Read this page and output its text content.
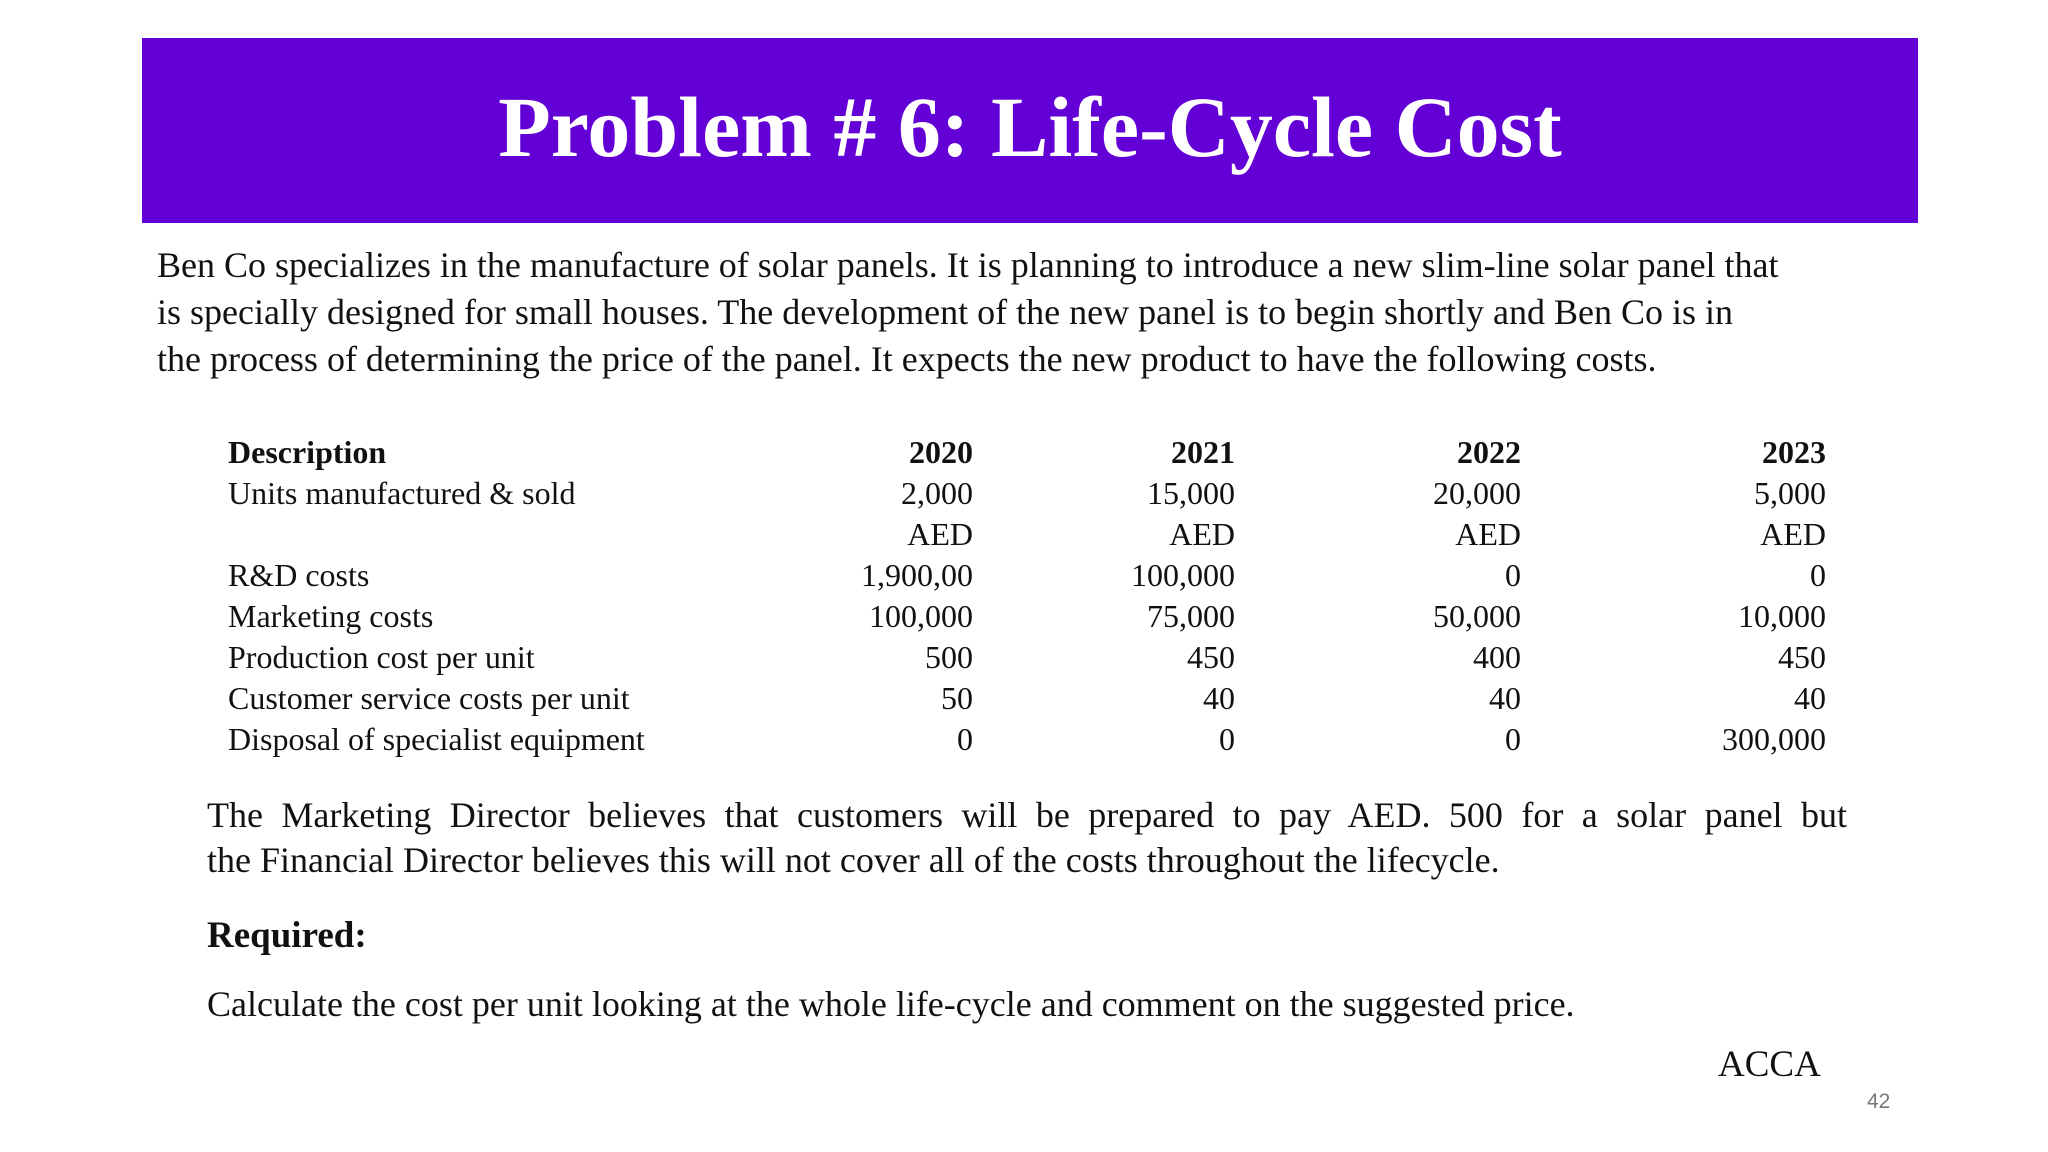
Problem # 6: Life-Cycle Cost
Ben Co specializes in the manufacture of solar panels. It is planning to introduce a new slim-line solar panel that
is specially designed for small houses. The development of the new panel is to begin shortly and Ben Co is in
the process of determining the price of the panel. It expects the new product to have the following costs.
Description	2020	2021	2022	2023
Units manufactured & sold	2,000	15,000	20,000	5,000
	AED	AED	AED	AED
R&D costs	1,900,00	100,000	0	0
Marketing costs	100,000	75,000	50,000	10,000
Production cost per unit	500	450	400	450
Customer service costs per unit	50	40	40	40
Disposal of specialist equipment	0	0	0	300,000
The Marketing Director believes that customers will be prepared to pay AED. 500 for a solar panel but
the Financial Director believes this will not cover all of the costs throughout the lifecycle.
Required:
Calculate the cost per unit looking at the whole life-cycle and comment on the suggested price.
ACCA
42
